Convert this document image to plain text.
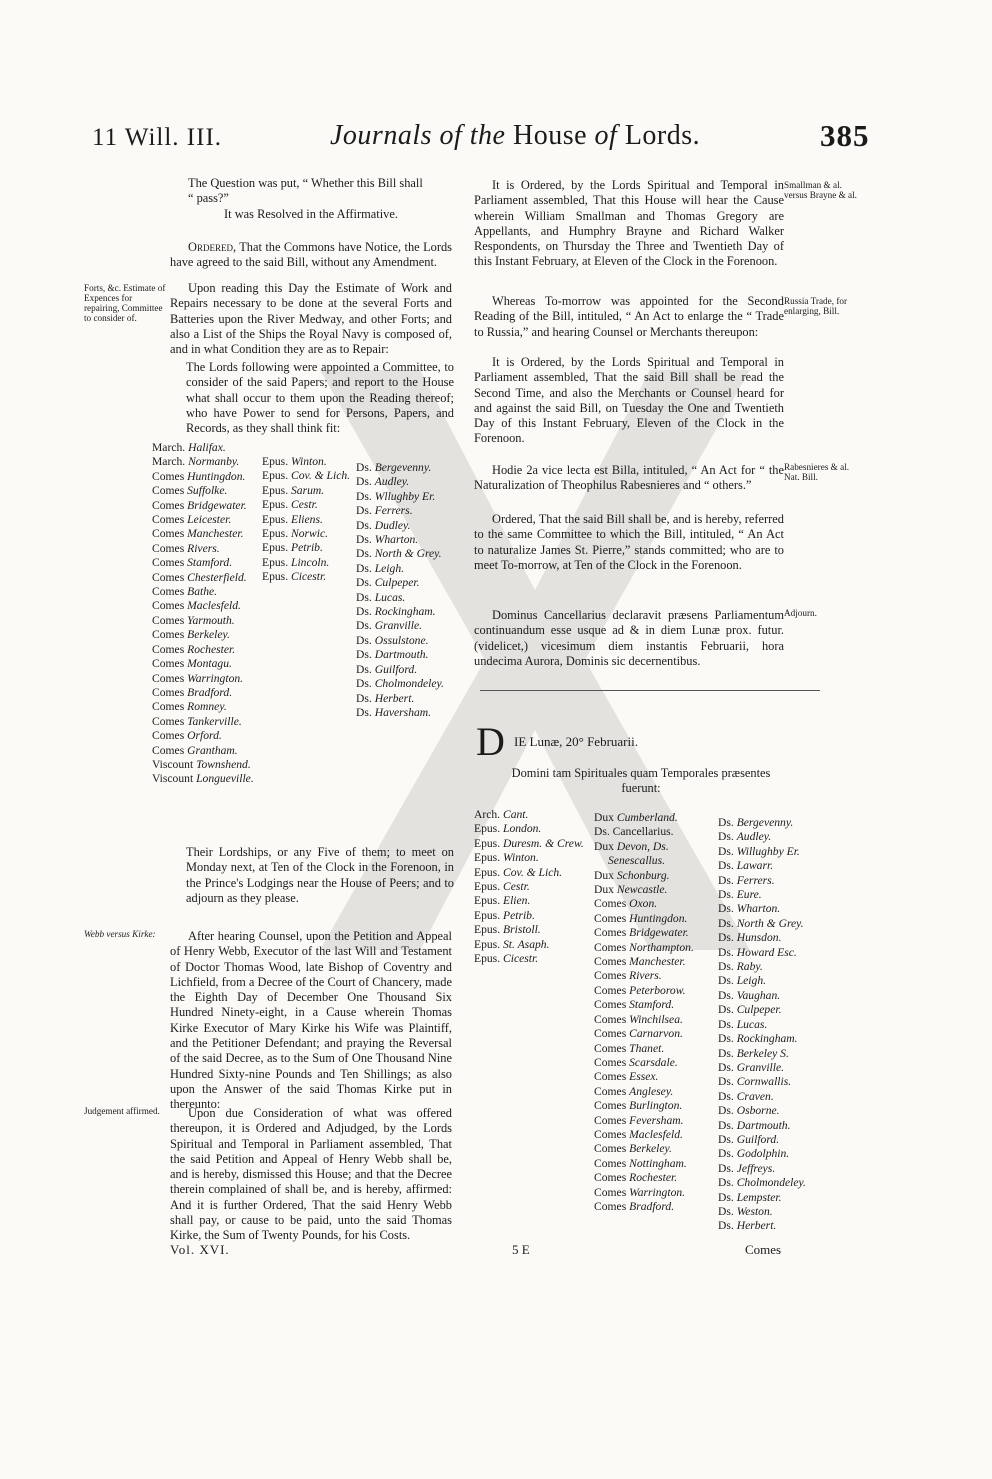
11 Will. III.	Journals of the House of Lords.	385

The Question was put, “ Whether this Bill shall

“ pass?”

It was Resolved in the Affirmative.

Ordered, That the Commons have Notice, the Lords have agreed to the said Bill, without any Amendment.

Forts, &c. Estimate of Expences for repairing, Committee to consider of.

Upon reading this Day the Estimate of Work and Repairs necessary to be done at the several Forts and Batteries upon the River Medway, and other Forts; and also a List of the Ships the Royal Navy is composed of, and in what Condition they are as to Repair:

The Lords following were appointed a Committee, to consider of the said Papers; and report to the House what shall occur to them upon the Reading thereof; who have Power to send for Persons, Papers, and Records, as they shall think fit:

March. Halifax.
March. Normanby.
Comes Huntingdon.
Comes Suffolke.
Comes Bridgewater.
Comes Leicester.
Comes Manchester.
Comes Rivers.
Comes Stamford.
Comes Chesterfield.
Comes Bathe.
Comes Maclesfeld.
Comes Yarmouth.
Comes Berkeley.
Comes Rochester.
Comes Montagu.
Comes Warrington.
Comes Bradford.
Comes Romney.
Comes Tankerville.
Comes Orford.
Comes Grantham.
Viscount Townshend.
Viscount Longueville.
Epus. Winton.
Epus. Cov. & Lich.
Epus. Sarum.
Epus. Cestr.
Epus. Eliens.
Epus. Norwic.
Epus. Petrib.
Epus. Lincoln.
Epus. Cicestr.
Ds. Bergevenny.
Ds. Audley.
Ds. Wllughby Er.
Ds. Ferrers.
Ds. Dudley.
Ds. Wharton.
Ds. North & Grey.
Ds. Leigh.
Ds. Culpeper.
Ds. Lucas.
Ds. Rockingham.
Ds. Granville.
Ds. Ossulstone.
Ds. Dartmouth.
Ds. Guilford.
Ds. Cholmondeley.
Ds. Herbert.
Ds. Haversham.

Their Lordships, or any Five of them; to meet on Monday next, at Ten of the Clock in the Forenoon, in the Prince's Lodgings near the House of Peers; and to adjourn as they please.

Webb versus Kirke:	After hearing Counsel, upon the Petition and Appeal of Henry Webb, Executor of the last Will and Testament of Doctor Thomas Wood, late Bishop of Coventry and Lichfield, from a Decree of the Court of Chancery, made the Eighth Day of December One Thousand Six Hundred Ninety-eight, in a Cause wherein Thomas Kirke Executor of Mary Kirke his Wife was Plaintiff, and the Petitioner Defendant; and praying the Reversal of the said Decree, as to the Sum of One Thousand Nine Hundred Sixty-nine Pounds and Ten Shillings; as also upon the Answer of the said Thomas Kirke put in thereunto:

Judgement affirmed.	Upon due Consideration of what was offered thereupon, it is Ordered and Adjudged, by the Lords Spiritual and Temporal in Parliament assembled, That the said Petition and Appeal of Henry Webb shall be, and is hereby, dismissed this House; and that the Decree therein complained of shall be, and is hereby, affirmed: And it is further Ordered, That the said Henry Webb shall pay, or cause to be paid, unto the said Thomas Kirke, the Sum of Twenty Pounds, for his Costs.

Smallman & al. versus Brayne & al.

It is Ordered, by the Lords Spiritual and Temporal in Parliament assembled, That this House will hear the Cause wherein William Smallman and Thomas Gregory are Appellants, and Humphry Brayne and Richard Walker Respondents, on Thursday the Three and Twentieth Day of this Instant February, at Eleven of the Clock in the Forenoon.

Russia Trade, for enlarging, Bill.

Whereas To-morrow was appointed for the Second Reading of the Bill, intituled, “ An Act to enlarge the “ Trade to Russia,” and hearing Counsel or Merchants thereupon:

It is Ordered, by the Lords Spiritual and Temporal in Parliament assembled, That the said Bill shall be read the Second Time, and also the Merchants or Counsel heard for and against the said Bill, on Tuesday the One and Twentieth Day of this Instant February, Eleven of the Clock in the Forenoon.

Rabesnieres & al. Nat. Bill.

Hodie 2a vice lecta est Billa, intituled, “ An Act for “ the Naturalization of Theophilus Rabesnieres and “ others.”

Ordered, That the said Bill shall be, and is hereby, referred to the same Committee to which the Bill, intituled, “ An Act to naturalize James St. Pierre,” stands committed; who are to meet To-morrow, at Ten of the Clock in the Forenoon.

Adjourn.

Dominus Cancellarius declaravit præsens Parliamentum continuandum esse usque ad & in diem Lunæ prox. futur. (videlicet,) vicesimum diem instantis Februarii, hora undecima Aurora, Dominis sic decernentibus.

D IE Lunæ, 20° Februarii.

Domini tam Spirituales quam Temporales præsentes fuerunt:

Arch. Cant.
Epus. London.
Epus. Duresm. & Crew.
Epus. Winton.
Epus. Cov. & Lich.
Epus. Cestr.
Epus. Elien.
Epus. Petrib.
Epus. Bristoll.
Epus. St. Asaph.
Epus. Cicestr.
Dux Cumberland.
Ds. Cancellarius.
Dux Devon, Ds. Senescallus.
Dux Schonburg.
Dux Newcastle.
Comes Oxon.
Comes Huntingdon.
Comes Bridgewater.
Comes Northampton.
Comes Manchester.
Comes Rivers.
Comes Peterborow.
Comes Stamford.
Comes Winchilsea.
Comes Carnarvon.
Comes Thanet.
Comes Scarsdale.
Comes Essex.
Comes Anglesey.
Comes Burlington.
Comes Feversham.
Comes Maclesfeld.
Comes Berkeley.
Comes Nottingham.
Comes Rochester.
Comes Warrington.
Comes Bradford.
Ds. Bergevenny.
Ds. Audley.
Ds. Willughby Er.
Ds. Lawarr.
Ds. Ferrers.
Ds. Eure.
Ds. Wharton.
Ds. North & Grey.
Ds. Hunsdon.
Ds. Howard Esc.
Ds. Raby.
Ds. Leigh.
Ds. Vaughan.
Ds. Culpeper.
Ds. Lucas.
Ds. Rockingham.
Ds. Berkeley S.
Ds. Granville.
Ds. Cornwallis.
Ds. Craven.
Ds. Osborne.
Ds. Dartmouth.
Ds. Guilford.
Ds. Godolphin.
Ds. Jeffreys.
Ds. Cholmondeley.
Ds. Lempster.
Ds. Weston.
Ds. Herbert.
Vol. XVI.	5 E	Comes
